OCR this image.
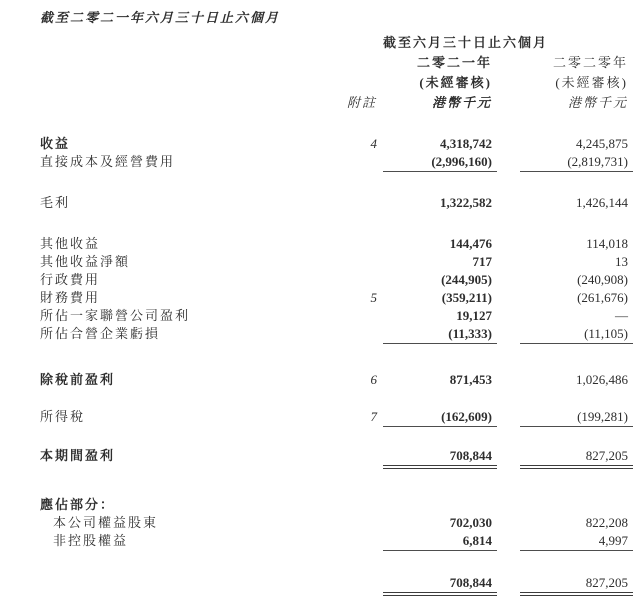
截至二零二一年六月三十日止六個月
截至六月三十日止六個月
二零二一年	二零二零年
(未經審核)	(未經審核)
附註	港幣千元	港幣千元
收益	4	4,318,742	4,245,875
直接成本及經營費用	(2,996,160)	(2,819,731)
毛利	1,322,582	1,426,144
其他收益	144,476	114,018
其他收益淨額	717	13
行政費用	(244,905)	(240,908)
財務費用	5	(359,211)	(261,676)
所佔一家聯營公司盈利	19,127	—
所佔合營企業虧損	(11,333)	(11,105)
除稅前盈利	6	871,453	1,026,486
所得稅	7	(162,609)	(199,281)
本期間盈利	708,844	827,205
應佔部分：
本公司權益股東	702,030	822,208
非控股權益	6,814	4,997
708,844	827,205
